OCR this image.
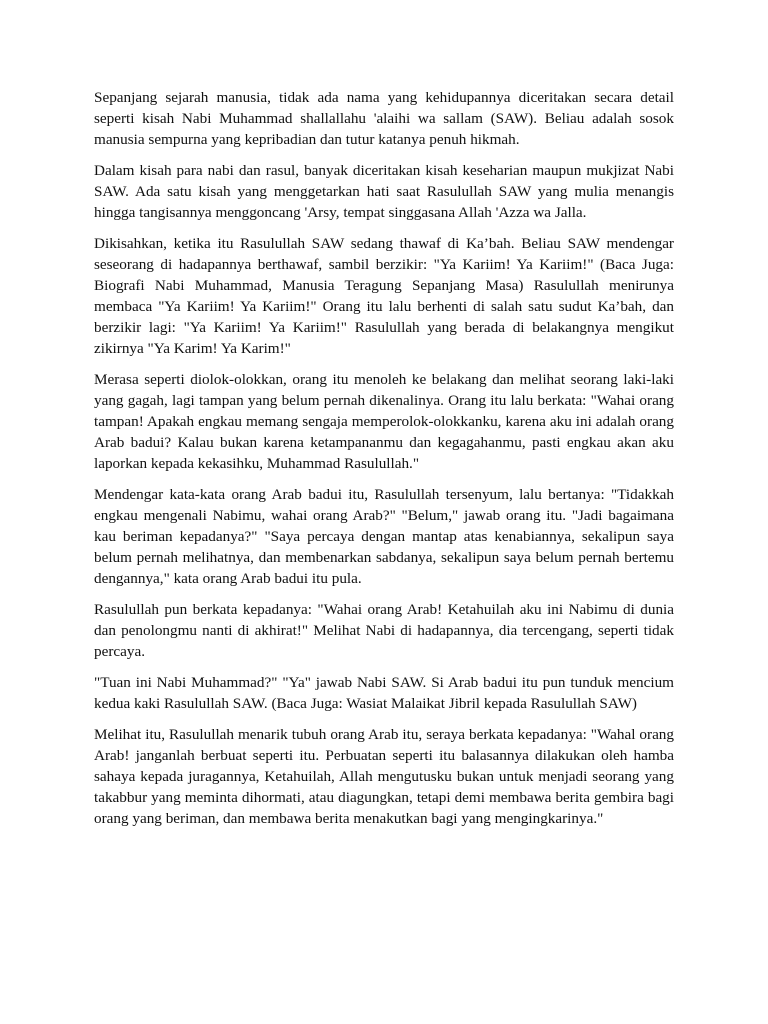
Sepanjang sejarah manusia, tidak ada nama yang kehidupannya diceritakan secara detail seperti kisah Nabi Muhammad shallallahu 'alaihi wa sallam (SAW). Beliau adalah sosok manusia sempurna yang kepribadian dan tutur katanya penuh hikmah.

Dalam kisah para nabi dan rasul, banyak diceritakan kisah keseharian maupun mukjizat Nabi SAW. Ada satu kisah yang menggetarkan hati saat Rasulullah SAW yang mulia menangis hingga tangisannya menggoncang 'Arsy, tempat singgasana Allah 'Azza wa Jalla.

Dikisahkan, ketika itu Rasulullah SAW sedang thawaf di Ka’bah. Beliau SAW mendengar seseorang di hadapannya berthawaf, sambil berzikir: "Ya Kariim! Ya Kariim!" (Baca Juga: Biografi Nabi Muhammad, Manusia Teragung Sepanjang Masa) Rasulullah menirunya membaca "Ya Kariim! Ya Kariim!" Orang itu lalu berhenti di salah satu sudut Ka’bah, dan berzikir lagi: "Ya Kariim! Ya Kariim!" Rasulullah yang berada di belakangnya mengikut zikirnya "Ya Karim! Ya Karim!"

Merasa seperti diolok-olokkan, orang itu menoleh ke belakang dan melihat seorang laki-laki yang gagah, lagi tampan yang belum pernah dikenalinya. Orang itu lalu berkata: "Wahai orang tampan! Apakah engkau memang sengaja memperolok-olokkanku, karena aku ini adalah orang Arab badui? Kalau bukan karena ketampananmu dan kegagahanmu, pasti engkau akan aku laporkan kepada kekasihku, Muhammad Rasulullah."

Mendengar kata-kata orang Arab badui itu, Rasulullah tersenyum, lalu bertanya: "Tidakkah engkau mengenali Nabimu, wahai orang Arab?" "Belum," jawab orang itu. "Jadi bagaimana kau beriman kepadanya?" "Saya percaya dengan mantap atas kenabiannya, sekalipun saya belum pernah melihatnya, dan membenarkan sabdanya, sekalipun saya belum pernah bertemu dengannya," kata orang Arab badui itu pula.

Rasulullah pun berkata kepadanya: "Wahai orang Arab! Ketahuilah aku ini Nabimu di dunia dan penolongmu nanti di akhirat!" Melihat Nabi di hadapannya, dia tercengang, seperti tidak percaya.

"Tuan ini Nabi Muhammad?" "Ya" jawab Nabi SAW. Si Arab badui itu pun tunduk mencium kedua kaki Rasulullah SAW. (Baca Juga: Wasiat Malaikat Jibril kepada Rasulullah SAW)

Melihat itu, Rasulullah menarik tubuh orang Arab itu, seraya berkata kepadanya: "Wahal orang Arab! janganlah berbuat seperti itu. Perbuatan seperti itu balasannya dilakukan oleh hamba sahaya kepada juragannya, Ketahuilah, Allah mengutusku bukan untuk menjadi seorang yang takabbur yang meminta dihormati, atau diagungkan, tetapi demi membawa berita gembira bagi orang yang beriman, dan membawa berita menakutkan bagi yang mengingkarinya."
